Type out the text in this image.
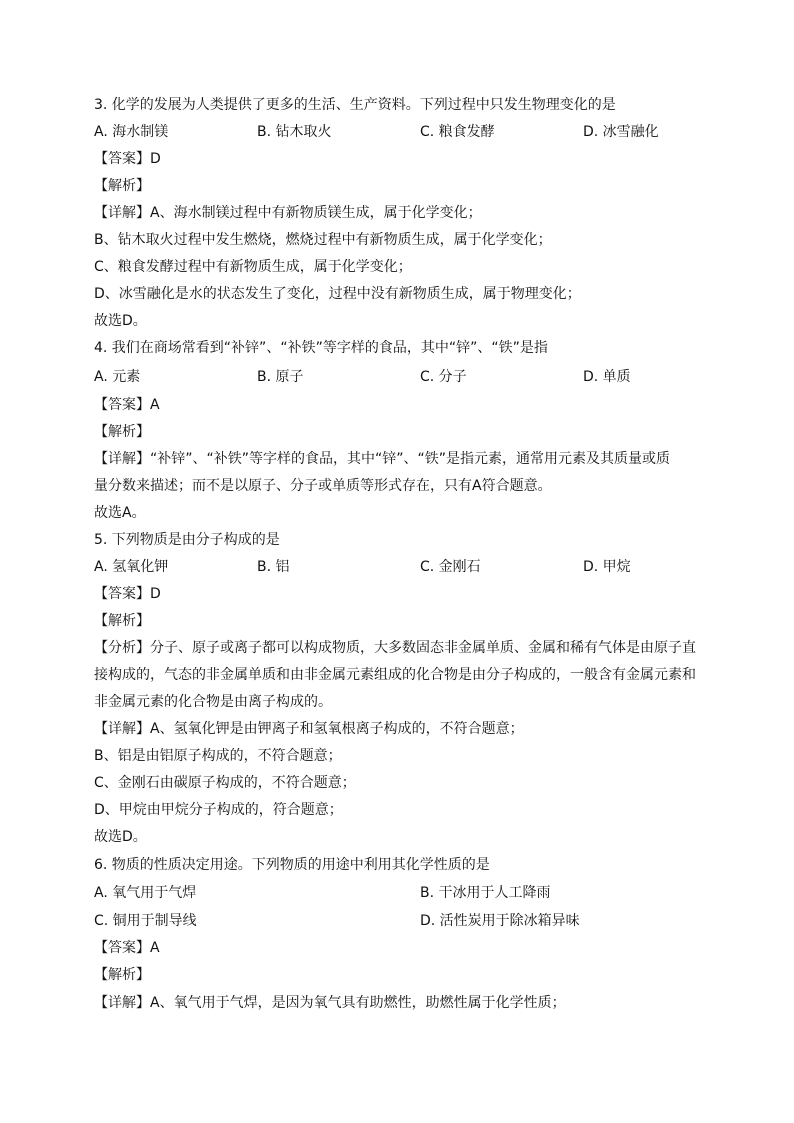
3. 化学的发展为人类提供了更多的生活、生产资料。下列过程中只发生物理变化的是
A. 海水制镁	B. 钻木取火	C. 粮食发酵	D. 冰雪融化
【答案】D
【解析】
【详解】A、海水制镁过程中有新物质镁生成，属于化学变化；
B、钻木取火过程中发生燃烧，燃烧过程中有新物质生成，属于化学变化；
C、粮食发酵过程中有新物质生成，属于化学变化；
D、冰雪融化是水的状态发生了变化，过程中没有新物质生成，属于物理变化；
故选D。
4. 我们在商场常看到“补锌”、“补铁”等字样的食品，其中“锌”、“铁”是指
A. 元素	B. 原子	C. 分子	D. 单质
【答案】A
【解析】
【详解】“补锌”、“补铁”等字样的食品，其中“锌”、“铁”是指元素，通常用元素及其质量或质
量分数来描述；而不是以原子、分子或单质等形式存在，只有A符合题意。
故选A。
5. 下列物质是由分子构成的是
A. 氢氧化钾	B. 铝	C. 金刚石	D. 甲烷
【答案】D
【解析】
【分析】分子、原子或离子都可以构成物质，大多数固态非金属单质、金属和稀有气体是由原子直
接构成的，气态的非金属单质和由非金属元素组成的化合物是由分子构成的，一般含有金属元素和
非金属元素的化合物是由离子构成的。
【详解】A、氢氧化钾是由钾离子和氢氧根离子构成的，不符合题意；
B、铝是由铝原子构成的，不符合题意；
C、金刚石由碳原子构成的，不符合题意；
D、甲烷由甲烷分子构成的，符合题意；
故选D。
6. 物质的性质决定用途。下列物质的用途中利用其化学性质的是
A. 氧气用于气焊	B. 干冰用于人工降雨
C. 铜用于制导线	D. 活性炭用于除冰箱异味
【答案】A
【解析】
【详解】A、氧气用于气焊，是因为氧气具有助燃性，助燃性属于化学性质；
